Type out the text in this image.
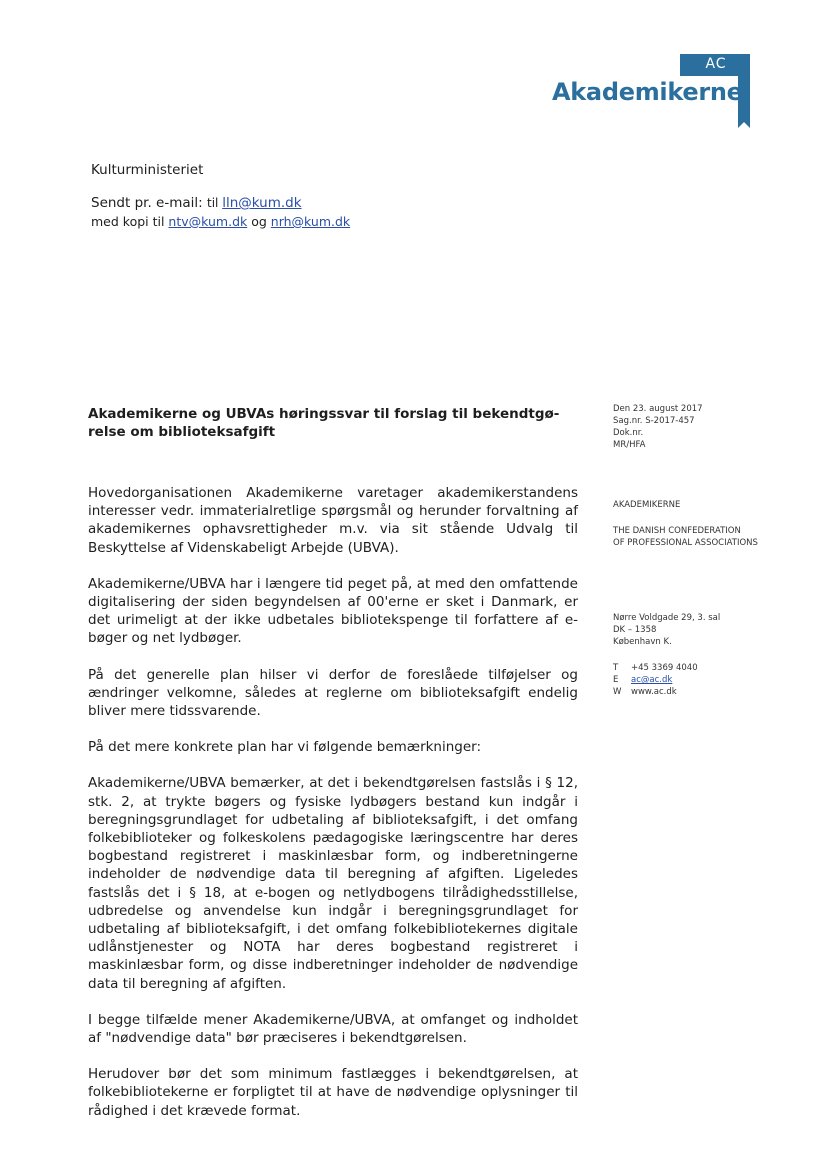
AC
Akademikerne
Kulturministeriet
Sendt pr. e-mail: til lln@kum.dk
med kopi til ntv@kum.dk og nrh@kum.dk
Akademikerne og UBVAs høringssvar til forslag til bekendtgø-relse om biblioteksafgift
Den 23. august 2017
Sag.nr. S-2017-457
Dok.nr.
MR/HFA
AKADEMIKERNE
THE DANISH CONFEDERATION
OF PROFESSIONAL ASSOCIATIONS
Nørre Voldgade 29, 3. sal
DK – 1358
København K.
T	+45 3369 4040
E	ac@ac.dk
W	www.ac.dk

Hovedorganisationen Akademikerne varetager akademikerstandens interesser vedr. immaterialretlige spørgsmål og herunder forvaltning af akademikernes ophavsrettigheder m.v. via sit stående Udvalg til Beskyttelse af Videnskabeligt Arbejde (UBVA).

Akademikerne/UBVA har i længere tid peget på, at med den omfattende digitalisering der siden begyndelsen af 00'erne er sket i Danmark, er det urimeligt at der ikke udbetales bibliotekspenge til forfattere af e-bøger og net lydbøger.

På det generelle plan hilser vi derfor de foreslåede tilføjelser og ændringer velkomne, således at reglerne om biblioteksafgift endelig bliver mere tidssvarende.

På det mere konkrete plan har vi følgende bemærkninger:

Akademikerne/UBVA bemærker, at det i bekendtgørelsen fastslås i § 12, stk. 2, at trykte bøgers og fysiske lydbøgers bestand kun indgår i beregningsgrundlaget for udbetaling af biblioteksafgift, i det omfang folkebiblioteker og folkeskolens pædagogiske læringscentre har deres bogbestand registreret i maskinlæsbar form, og indberetningerne indeholder de nødvendige data til beregning af afgiften. Ligeledes fastslås det i § 18, at e-bogen og netlydbogens tilrådighedsstillelse, udbredelse og anvendelse kun indgår i beregningsgrundlaget for udbetaling af biblioteksafgift, i det omfang folkebibliotekernes digitale udlånstjenester og NOTA har deres bogbestand registreret i maskinlæsbar form, og disse indberetninger indeholder de nødvendige data til beregning af afgiften.

I begge tilfælde mener Akademikerne/UBVA, at omfanget og indholdet af "nødvendige data" bør præciseres i bekendtgørelsen.

Herudover bør det som minimum fastlægges i bekendtgørelsen, at folkebibliotekerne er forpligtet til at have de nødvendige oplysninger til rådighed i det krævede format.
